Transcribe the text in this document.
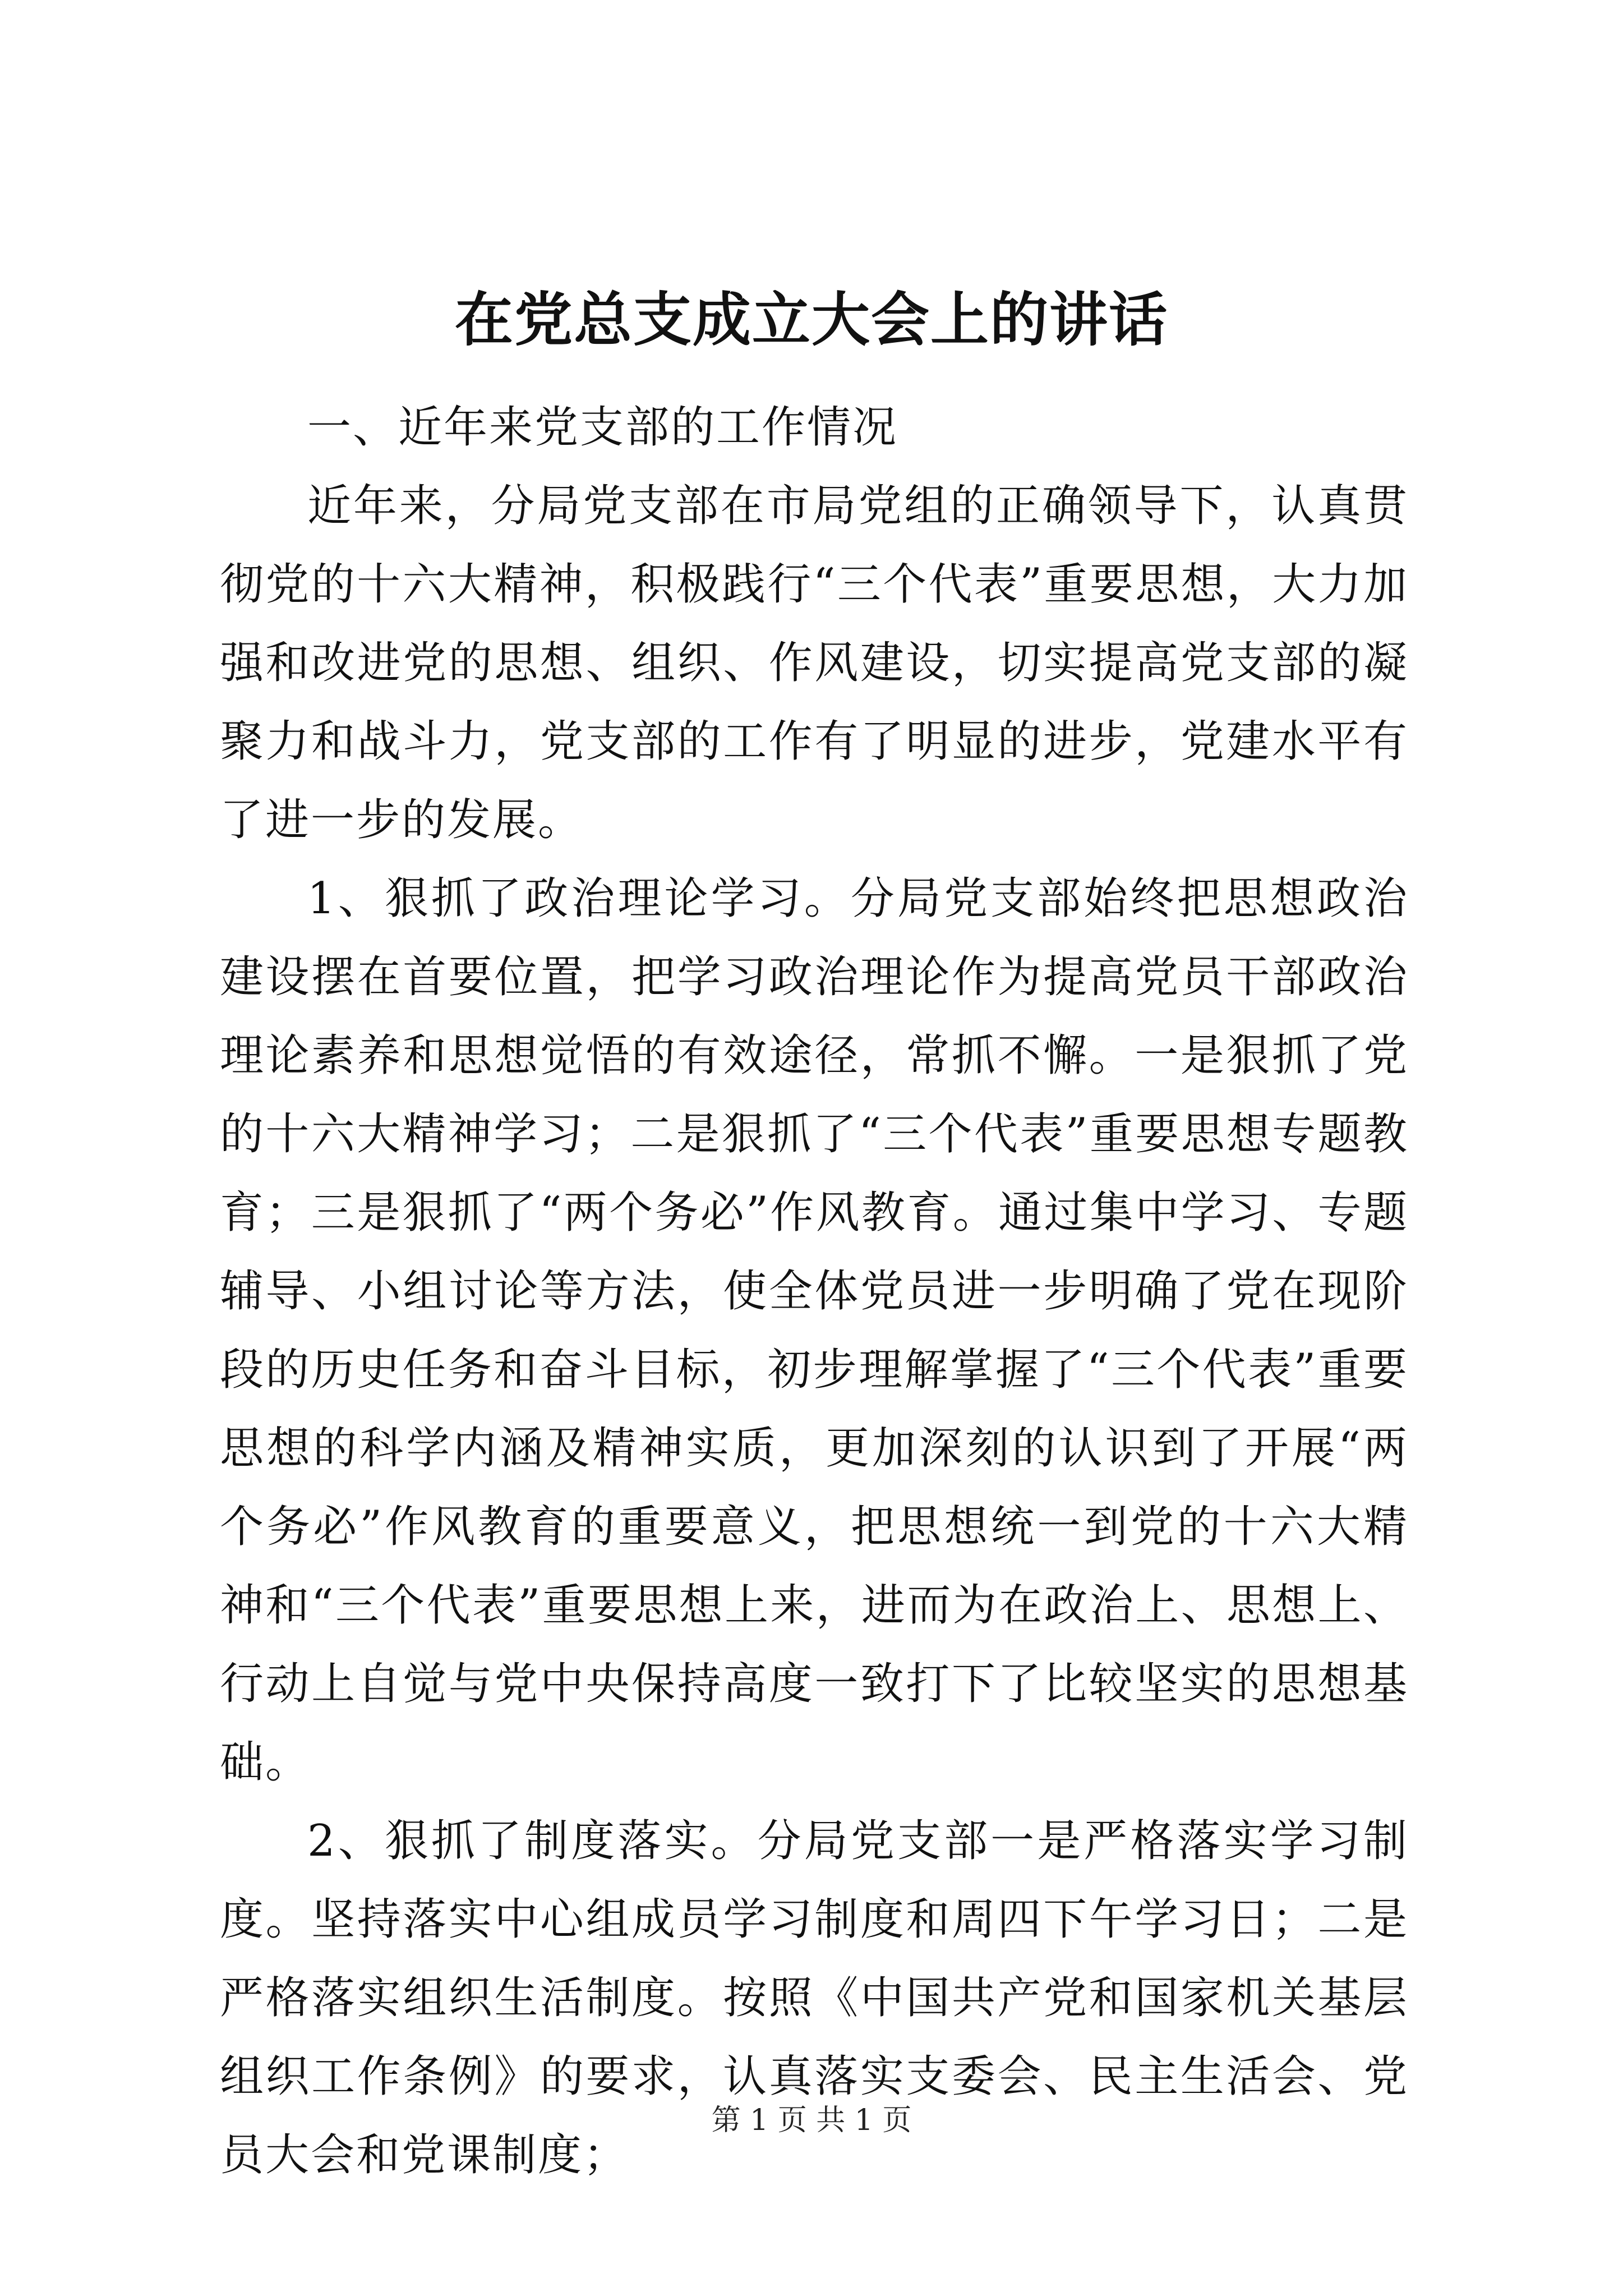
在党总支成立大会上的讲话

一、近年来党支部的工作情况

近年来，分局党支部在市局党组的正确领导下，认真贯彻党的十六大精神，积极践行“三个代表”重要思想，大力加强和改进党的思想、组织、作风建设，切实提高党支部的凝聚力和战斗力，党支部的工作有了明显的进步，党建水平有了进一步的发展。

1、狠抓了政治理论学习。分局党支部始终把思想政治建设摆在首要位置，把学习政治理论作为提高党员干部政治理论素养和思想觉悟的有效途径，常抓不懈。一是狠抓了党的十六大精神学习；二是狠抓了“三个代表”重要思想专题教育；三是狠抓了“两个务必”作风教育。通过集中学习、专题辅导、小组讨论等方法，使全体党员进一步明确了党在现阶段的历史任务和奋斗目标，初步理解掌握了“三个代表”重要思想的科学内涵及精神实质，更加深刻的认识到了开展“两个务必”作风教育的重要意义，把思想统一到党的十六大精神和“三个代表”重要思想上来，进而为在政治上、思想上、行动上自觉与党中央保持高度一致打下了比较坚实的思想基础。

2、狠抓了制度落实。分局党支部一是严格落实学习制度。坚持落实中心组成员学习制度和周四下午学习日；二是严格落实组织生活制度。按照《中国共产党和国家机关基层组织工作条例》的要求，认真落实支委会、民主生活会、党员大会和党课制度；

第 1 页 共 1 页
